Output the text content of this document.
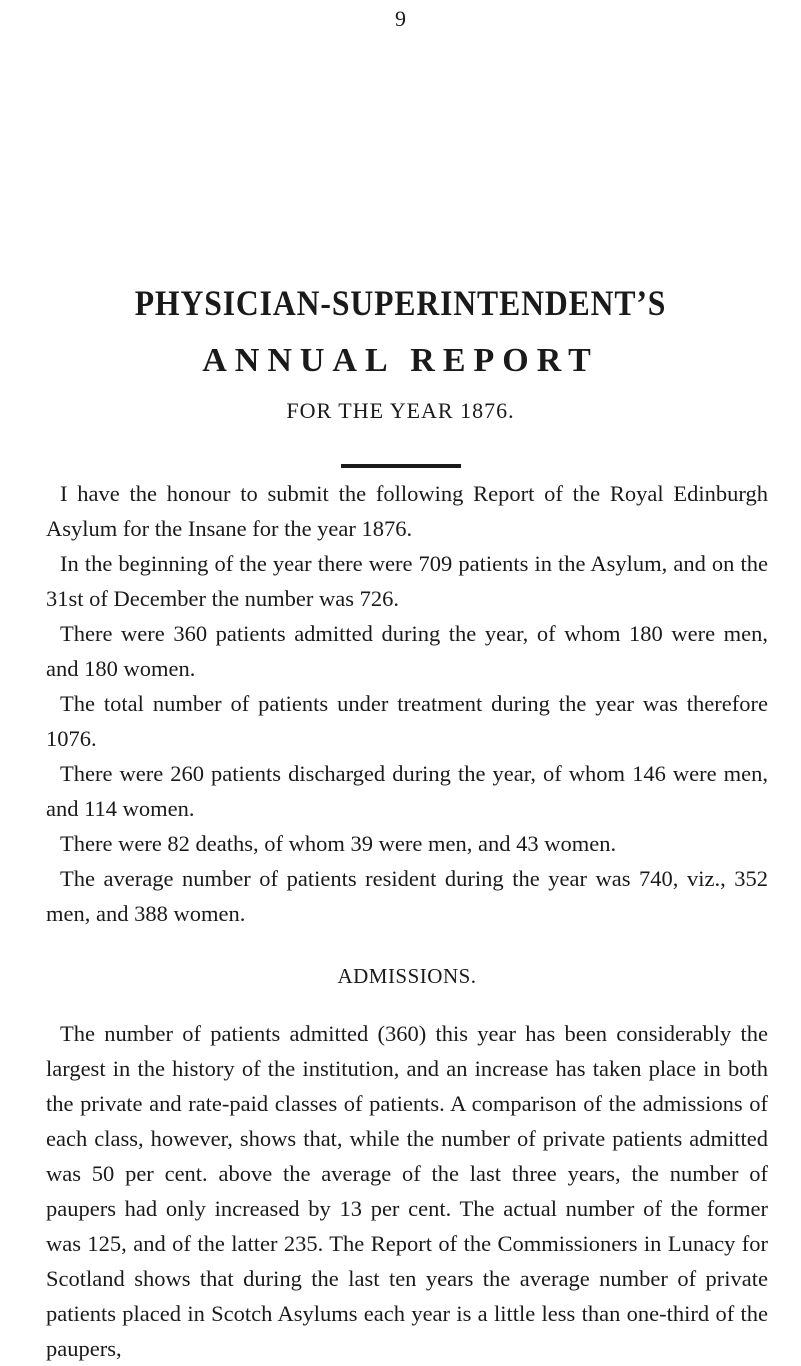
9
PHYSICIAN-SUPERINTENDENT’S
ANNUAL REPORT
FOR THE YEAR 1876.

I have the honour to submit the following Report of the Royal Edinburgh Asylum for the Insane for the year 1876.

In the beginning of the year there were 709 patients in the Asylum, and on the 31st of December the number was 726.

There were 360 patients admitted during the year, of whom 180 were men, and 180 women.

The total number of patients under treatment during the year was therefore 1076.

There were 260 patients discharged during the year, of whom 146 were men, and 114 women.

There were 82 deaths, of whom 39 were men, and 43 women.

The average number of patients resident during the year was 740, viz., 352 men, and 388 women.

ADMISSIONS.

The number of patients admitted (360) this year has been considerably the largest in the history of the institution, and an increase has taken place in both the private and rate-paid classes of patients. A comparison of the admissions of each class, however, shows that, while the number of private patients admitted was 50 per cent. above the average of the last three years, the number of paupers had only increased by 13 per cent. The actual number of the former was 125, and of the latter 235. The Report of the Commissioners in Lunacy for Scotland shows that during the last ten years the average number of private patients placed in Scotch Asylums each year is a little less than one-third of the paupers,
